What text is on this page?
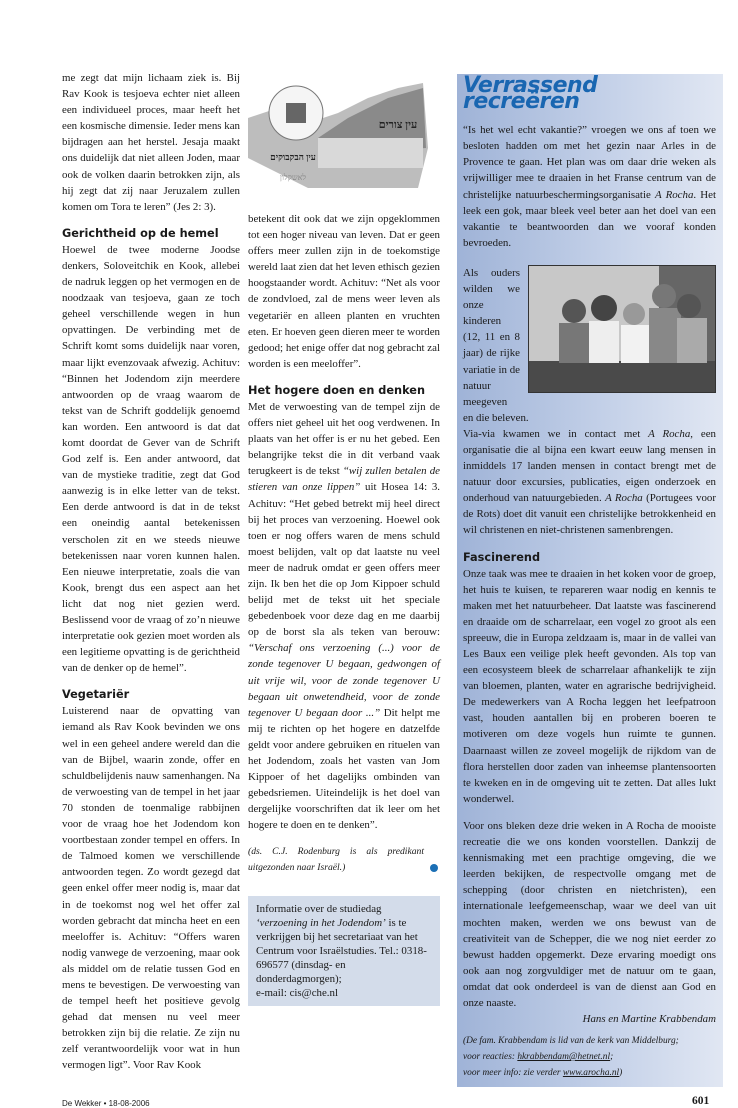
me zegt dat mijn lichaam ziek is. Bij Rav Kook is tesjoeva echter niet alleen een individueel proces, maar heeft het een kosmische dimensie. Ieder mens kan bijdragen aan het herstel. Jesaja maakt ons duidelijk dat niet alleen Joden, maar ook de volken daarin betrokken zijn, als hij zegt dat zij naar Jeruzalem zullen komen om Tora te leren” (Jes 2: 3).

Gerichtheid op de hemel

Hoewel de twee moderne Joodse denkers, Soloveitchik en Kook, allebei de nadruk leggen op het vermogen en de noodzaak van tesjoeva, gaan ze toch geheel verschillende wegen in hun opvattingen. De verbinding met de Schrift komt soms duidelijk naar voren, maar lijkt evenzovaak afwezig. Achituv: “Binnen het Jodendom zijn meerdere antwoorden op de vraag waarom de tekst van de Schrift goddelijk genoemd kan worden. Een antwoord is dat dat komt doordat de Gever van de Schrift God zelf is. Een ander antwoord, dat van de mystieke traditie, zegt dat God aanwezig is in elke letter van de tekst. Een derde antwoord is dat in de tekst een oneindig aantal betekenissen verscholen zit en we steeds nieuwe betekenissen naar voren kunnen halen. Een nieuwe interpretatie, zoals die van Kook, brengt dus een aspect aan het licht dat nog niet gezien werd. Beslissend voor de vraag of zo’n nieuwe interpretatie ook gezien moet worden als een legitieme opvatting is de gerichtheid van de denker op de hemel”.

Vegetariër

Luisterend naar de opvatting van iemand als Rav Kook bevinden we ons wel in een geheel andere wereld dan die van de Bijbel, waarin zonde, offer en schuldbelijdenis nauw samenhangen. Na de verwoesting van de tempel in het jaar 70 stonden de toenmalige rabbijnen voor de vraag hoe het Jodendom kon voortbestaan zonder tempel en offers. In de Talmoed komen we verschillende antwoorden tegen. Zo wordt gezegd dat geen enkel offer meer nodig is, maar dat in de toekomst nog wel het offer zal worden gebracht dat mincha heet en een meeloffer is. Achituv: “Offers waren nodig vanwege de verzoening, maar ook als middel om de relatie tussen God en mens te bevestigen. De verwoesting van de tempel heeft het positieve gevolg gehad dat mensen nu veel meer betrokken zijn bij die relatie. Ze zijn nu zelf verantwoordelijk voor wat in hun vermogen ligt”. Voor Rav Kook

עין צורים
עין הבקבוקים
לאשקלון

betekent dit ook dat we zijn opgeklommen tot een hoger niveau van leven. Dat er geen offers meer zullen zijn in de toekomstige wereld laat zien dat het leven ethisch gezien hoogstaander wordt. Achituv: “Net als voor de zondvloed, zal de mens weer leven als vegetariër en alleen planten en vruchten eten. Er hoeven geen dieren meer te worden gedood; het enige offer dat nog gebracht zal worden is een meeloffer”.

Het hogere doen en denken

Met de verwoesting van de tempel zijn de offers niet geheel uit het oog verdwenen. In plaats van het offer is er nu het gebed. Een belangrijke tekst die in dit verband vaak terugkeert is de tekst “wij zullen betalen de stieren van onze lippen” uit Hosea 14: 3. Achituv: “Het gebed betrekt mij heel direct bij het proces van verzoening. Hoewel ook toen er nog offers waren de mens schuld moest belijden, valt op dat laatste nu veel meer de nadruk omdat er geen offers meer zijn. Ik ben het die op Jom Kippoer schuld belijd met de tekst uit het speciale gebedenboek voor deze dag en me daarbij op de borst sla als teken van berouw: “Verschaf ons verzoening (...) voor de zonde tegenover U begaan, gedwongen of uit vrije wil, voor de zonde tegenover U begaan uit onwetendheid, voor de zonde tegenover U begaan door ...” Dit helpt me mij te richten op het hogere en datzelfde geldt voor andere gebruiken en rituelen van het Jodendom, zoals het vasten van Jom Kippoer of het dagelijks ombinden van gebedsriemen. Uiteindelijk is het doel van dergelijke voorschriften dat ik leer om het hogere te doen en te denken”.

(ds. C.J. Rodenburg is als predikant uitgezonden naar Israël.)

Informatie over de studiedag ‘verzoening in het Jodendom’ is te verkrijgen bij het secretariaat van het Centrum voor Israëlstudies. Tel.: 0318-696577 (dinsdag- en donderdagmorgen);
e-mail: cis@che.nl
Verrassend recreëren

“Is het wel echt vakantie?” vroegen we ons af toen we besloten hadden om met het gezin naar Arles in de Provence te gaan. Het plan was om daar drie weken als vrijwilliger mee te draaien in het Franse centrum van de christelijke natuurbeschermingsorganisatie A Rocha. Het leek een gok, maar bleek veel beter aan het doel van een vakantie te beantwoorden dan we vooraf konden bevroeden.

Als ouders wilden we onze kinderen (12, 11 en 8 jaar) de rijke variatie in de natuur meegeven en die beleven.

Via-via kwamen we in contact met A Rocha, een organisatie die al bijna een kwart eeuw lang mensen in inmiddels 17 landen mensen in contact brengt met de natuur door excursies, publicaties, eigen onderzoek en onderhoud van natuurgebieden. A Rocha (Portugees voor de Rots) doet dit vanuit een christelijke betrokkenheid en wil christenen en niet-christenen samenbrengen.

Fascinerend

Onze taak was mee te draaien in het koken voor de groep, het huis te kuisen, te repareren waar nodig en kennis te maken met het natuurbeheer. Dat laatste was fascinerend en draaide om de scharrelaar, een vogel zo groot als een spreeuw, die in Europa zeldzaam is, maar in de vallei van Les Baux een veilige plek heeft gevonden. Als top van een ecosysteem bleek de scharrelaar afhankelijk te zijn van bloemen, planten, water en agrarische bedrijvigheid. De medewerkers van A Rocha leggen het leefpatroon vast, houden aantallen bij en proberen boeren te motiveren om deze vogels hun ruimte te gunnen. Daarnaast willen ze zoveel mogelijk de rijkdom van de flora herstellen door zaden van inheemse plantensoorten te kweken en in de omgeving uit te zetten. Dat alles lukt wonderwel.

Voor ons bleken deze drie weken in A Rocha de mooiste recreatie die we ons konden voorstellen. Dankzij de kennismaking met een prachtige omgeving, die we leerden bekijken, de respectvolle omgang met de schepping (door christen en nietchristen), een internationale leefgemeenschap, waar we deel van uit mochten maken, werden we ons bewust van de creativiteit van de Schepper, die we nog niet eerder zo bewust hadden opgemerkt. Deze ervaring moedigt ons ook aan nog zorgvuldiger met de natuur om te gaan, omdat dat ook onderdeel is van de dienst aan God en onze naaste.

Hans en Martine Krabbendam

(De fam. Krabbendam is lid van de kerk van Middelburg;
voor reacties: hkrabbendam@hetnet.nl;
voor meer info: zie verder www.arocha.nl)

De Wekker • 18-08-2006	601
